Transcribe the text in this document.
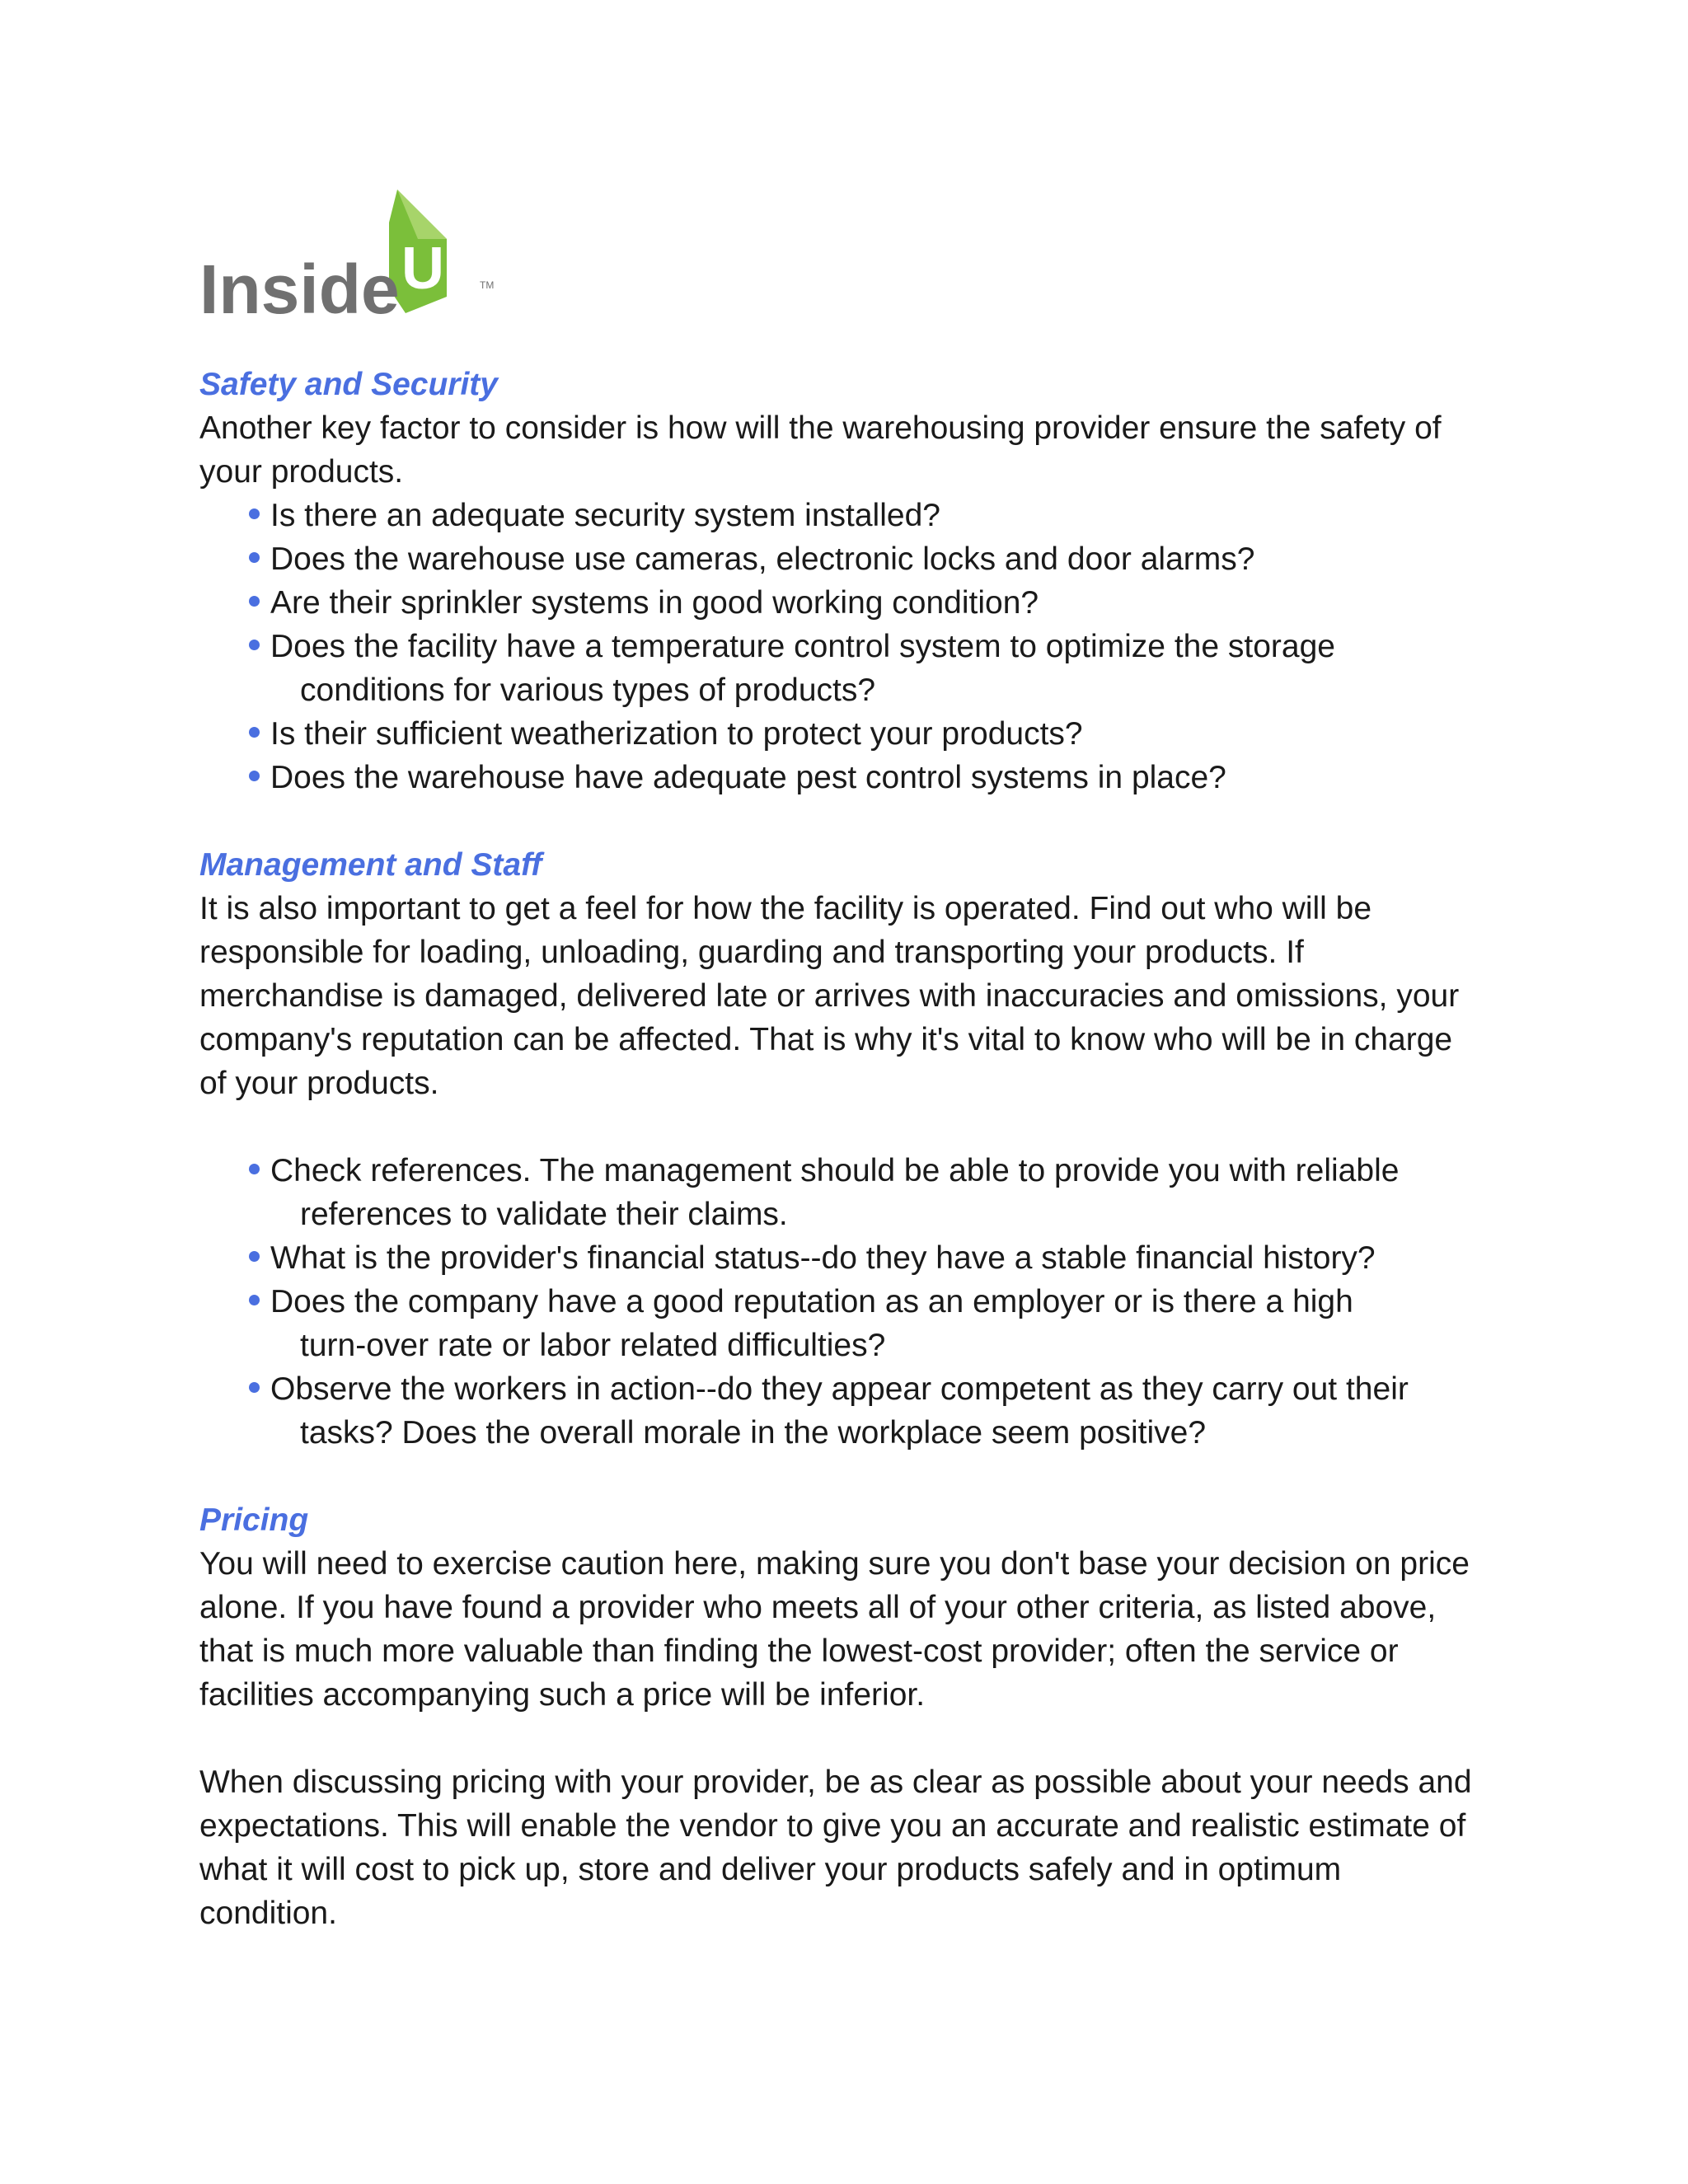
UP
Inside	TM

Safety and Security

Another key factor to consider is how will the warehousing provider ensure the safety of your products.

Is there an adequate security system installed?
Does the warehouse use cameras, electronic locks and door alarms?
Are their sprinkler systems in good working condition?
Does the facility have a temperature control system to optimize the storage
conditions for various types of products?
Is their sufficient weatherization to protect your products?
Does the warehouse have adequate pest control systems in place?

Management and Staff

It is also important to get a feel for how the facility is operated. Find out who will be responsible for loading, unloading, guarding and transporting your products. If merchandise is damaged, delivered late or arrives with inaccuracies and omissions, your company's reputation can be affected. That is why it's vital to know who will be in charge of your products.

Check references. The management should be able to provide you with reliable
references to validate their claims.
What is the provider's financial status--do they have a stable financial history?
Does the company have a good reputation as an employer or is there a high
turn-over rate or labor related difficulties?
Observe the workers in action--do they appear competent as they carry out their
tasks? Does the overall morale in the workplace seem positive?

Pricing

You will need to exercise caution here, making sure you don't base your decision on price alone. If you have found a provider who meets all of your other criteria, as listed above, that is much more valuable than finding the lowest-cost provider; often the service or facilities accompanying such a price will be inferior.

When discussing pricing with your provider, be as clear as possible about your needs and expectations. This will enable the vendor to give you an accurate and realistic estimate of what it will cost to pick up, store and deliver your products safely and in optimum condition.
